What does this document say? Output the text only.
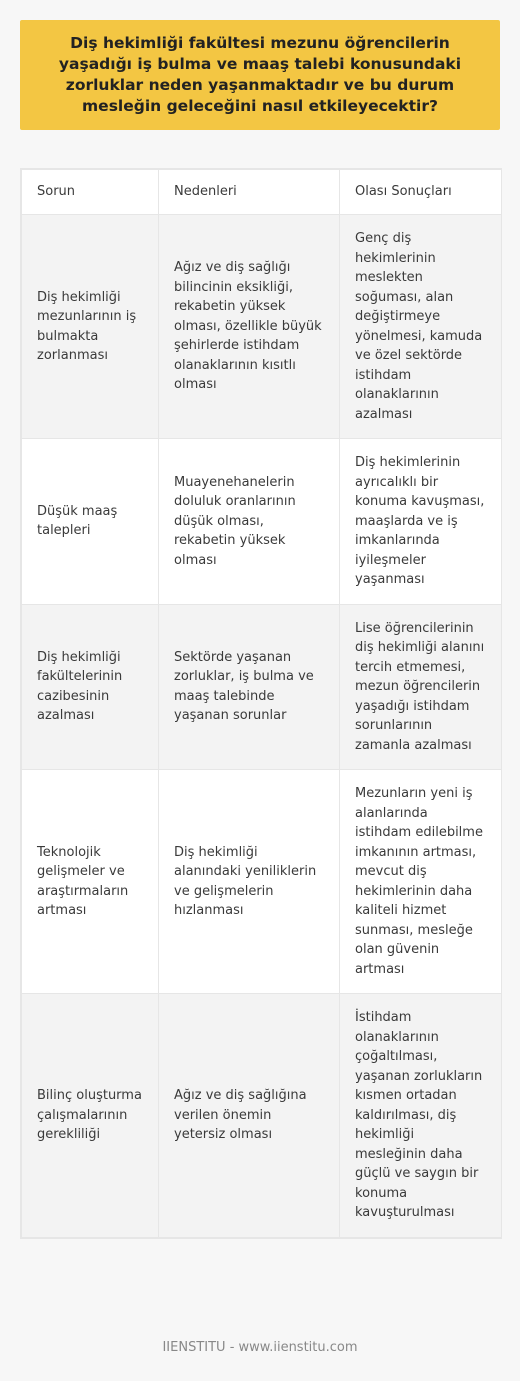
Diş hekimliği fakültesi mezunu öğrencilerin yaşadığı iş bulma ve maaş talebi konusundaki zorluklar neden yaşanmaktadır ve bu durum mesleğin geleceğini nasıl etkileyecektir?
Sorun	Nedenleri	Olası Sonuçları
Diş hekimliği mezunlarının iş bulmakta zorlanması	Ağız ve diş sağlığı bilincinin eksikliği, rekabetin yüksek olması, özellikle büyük şehirlerde istihdam olanaklarının kısıtlı olması	Genç diş hekimlerinin meslekten soğuması, alan değiştirmeye yönelmesi, kamuda ve özel sektörde istihdam olanaklarının azalması
Düşük maaş talepleri	Muayenehanelerin doluluk oranlarının düşük olması, rekabetin yüksek olması	Diş hekimlerinin ayrıcalıklı bir konuma kavuşması, maaşlarda ve iş imkanlarında iyileşmeler yaşanması
Diş hekimliği fakültelerinin cazibesinin azalması	Sektörde yaşanan zorluklar, iş bulma ve maaş talebinde yaşanan sorunlar	Lise öğrencilerinin diş hekimliği alanını tercih etmemesi, mezun öğrencilerin yaşadığı istihdam sorunlarının zamanla azalması
Teknolojik gelişmeler ve araştırmaların artması	Diş hekimliği alanındaki yeniliklerin ve gelişmelerin hızlanması	Mezunların yeni iş alanlarında istihdam edilebilme imkanının artması, mevcut diş hekimlerinin daha kaliteli hizmet sunması, mesleğe olan güvenin artması
Bilinç oluşturma çalışmalarının gerekliliği	Ağız ve diş sağlığına verilen önemin yetersiz olması	İstihdam olanaklarının çoğaltılması, yaşanan zorlukların kısmen ortadan kaldırılması, diş hekimliği mesleğinin daha güçlü ve saygın bir konuma kavuşturulması
IIENSTITU - www.iienstitu.com
